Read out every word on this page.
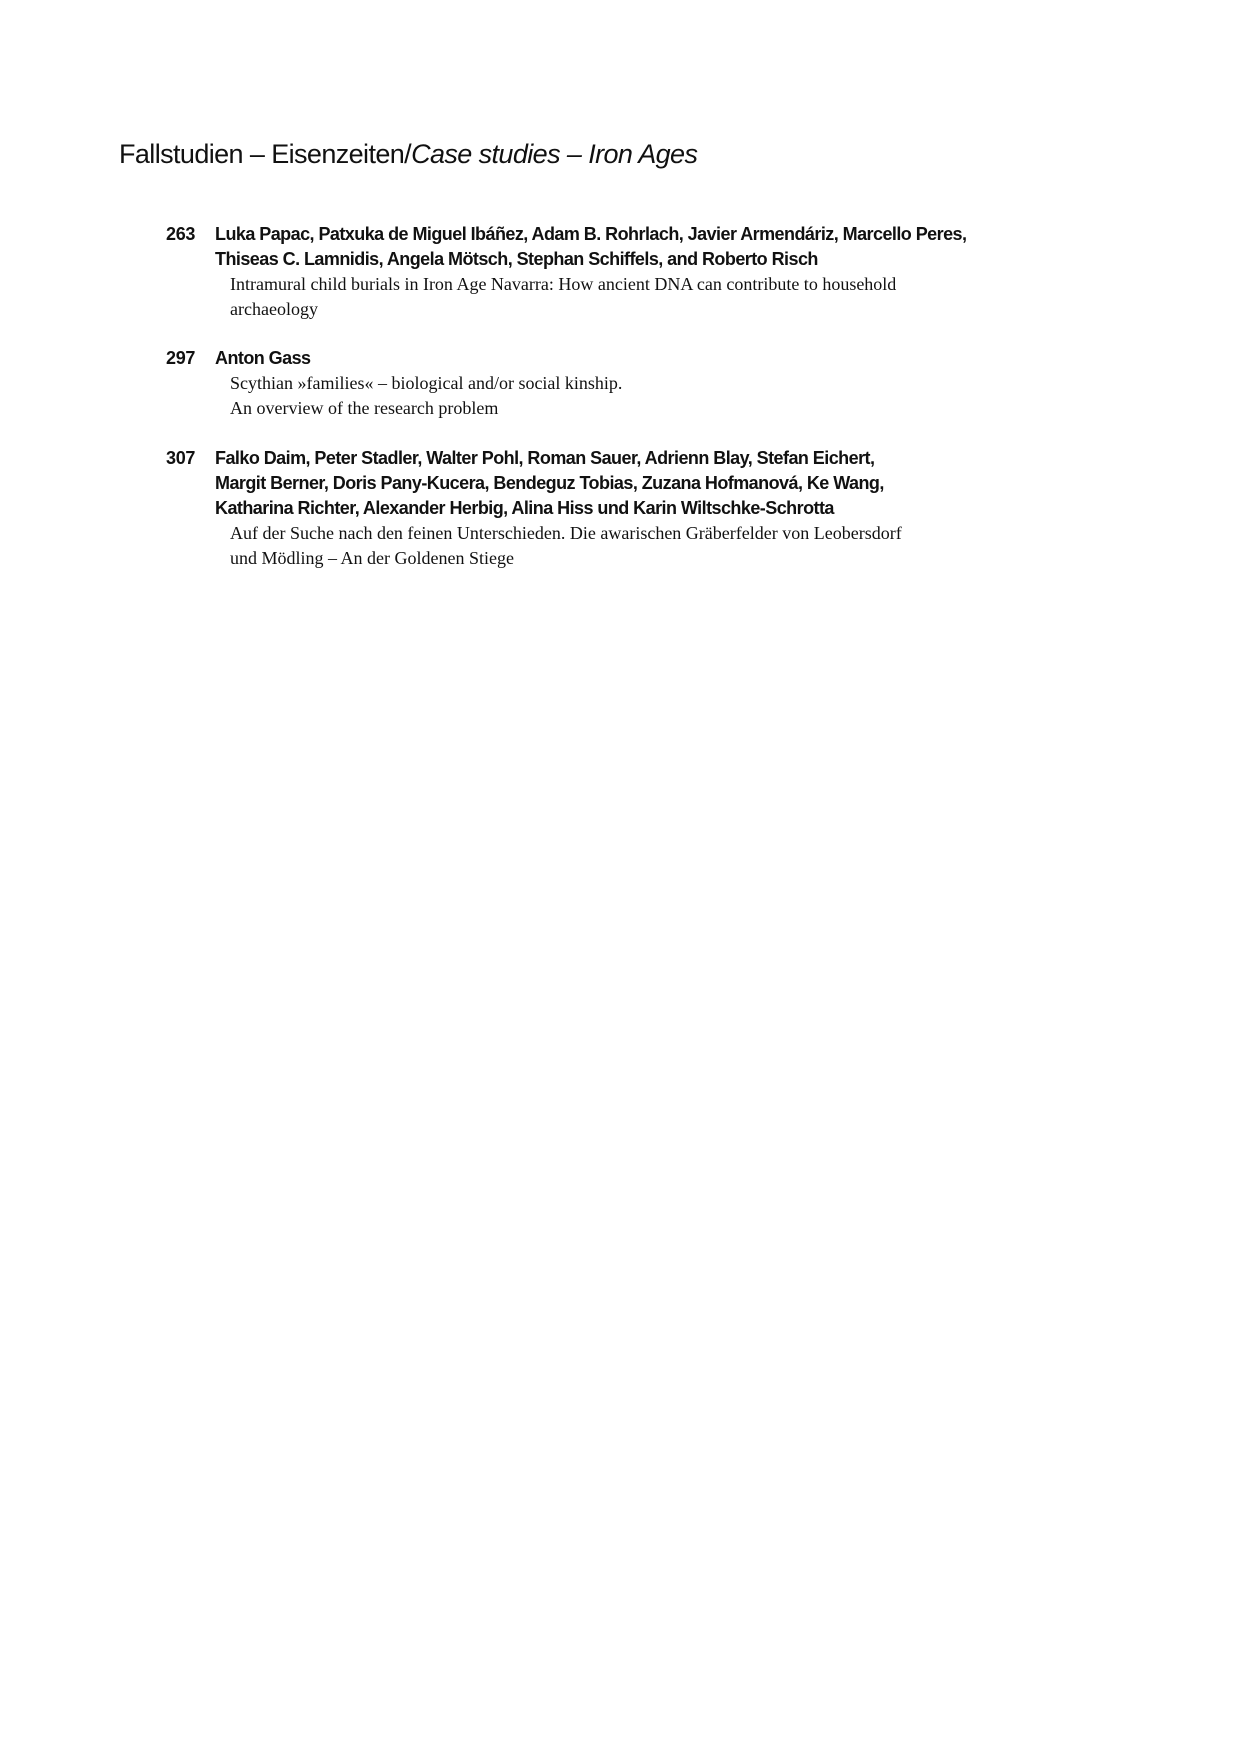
Fallstudien – Eisenzeiten/Case studies – Iron Ages
263 Luka Papac, Patxuka de Miguel Ibáñez, Adam B. Rohrlach, Javier Armendáriz, Marcello Peres,
Thiseas C. Lamnidis, Angela Mötsch, Stephan Schiffels, and Roberto Risch
Intramural child burials in Iron Age Navarra: How ancient DNA can contribute to household
archaeology
297 Anton Gass
Scythian »families« – biological and/or social kinship.
An overview of the research problem
307 Falko Daim, Peter Stadler, Walter Pohl, Roman Sauer, Adrienn Blay, Stefan Eichert,
Margit Berner, Doris Pany-Kucera, Bendeguz Tobias, Zuzana Hofmanová, Ke Wang,
Katharina Richter, Alexander Herbig, Alina Hiss und Karin Wiltschke-Schrotta
Auf der Suche nach den feinen Unterschieden. Die awarischen Gräberfelder von Leobersdorf
und Mödling – An der Goldenen Stiege
